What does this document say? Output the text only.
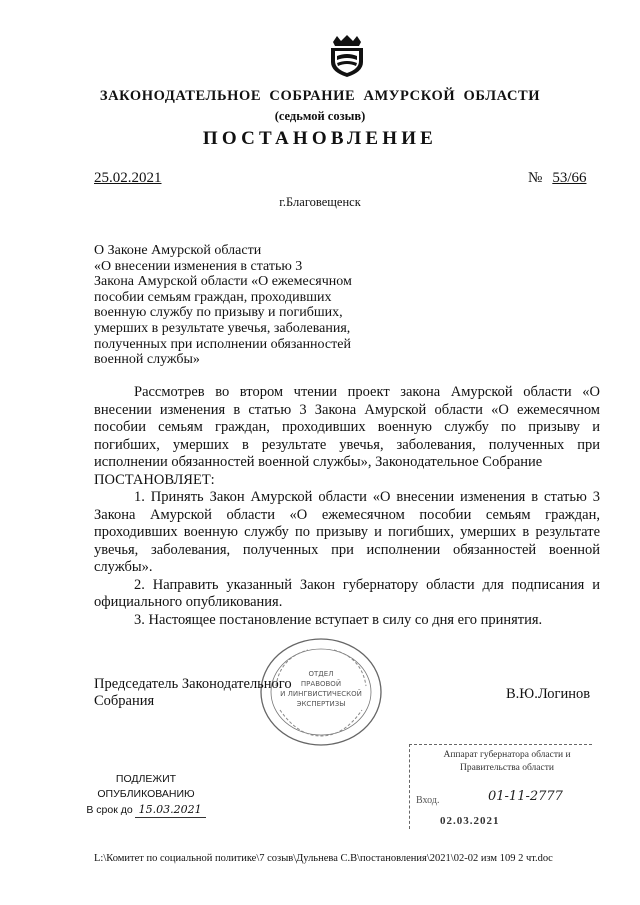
ЗАКОНОДАТЕЛЬНОЕ СОБРАНИЕ АМУРСКОЙ ОБЛАСТИ
(седьмой созыв)
ПОСТАНОВЛЕНИЕ
25.02.2021	№ 53/66
г.Благовещенск
О Законе Амурской области
«О внесении изменения в статью 3
Закона Амурской области «О ежемесячном
пособии семьям граждан, проходивших
военную службу по призыву и погибших,
умерших в результате увечья, заболевания,
полученных при исполнении обязанностей
военной службы»

Рассмотрев во втором чтении проект закона Амурской области «О внесении изменения в статью 3 Закона Амурской области «О ежемесячном пособии семьям граждан, проходивших военную службу по призыву и погибших, умерших в результате увечья, заболевания, полученных при исполнении обязанностей военной службы», Законодательное Собрание

ПОСТАНОВЛЯЕТ:

1. Принять Закон Амурской области «О внесении изменения в статью 3 Закона Амурской области «О ежемесячном пособии семьям граждан, проходивших военную службу по призыву и погибших, умерших в результате увечья, заболевания, полученных при исполнении обязанностей военной службы».

2. Направить указанный Закон губернатору области для подписания и официального опубликования.

3. Настоящее постановление вступает в силу со дня его принятия.

ОТДЕЛ
ПРАВОВОЙ
И ЛИНГВИСТИЧЕСКОЙ
ЭКСПЕРТИЗЫ
Председатель Законодательного
Собрания	В.Ю.Логинов
ПОДЛЕЖИТ
ОПУБЛИКОВАНИЮ
В срок до 15.03.2021
Аппарат губернатора области и
Правительства области
Вход.	01-11-2777
02.03.2021
L:\Комитет по социальной политике\7 созыв\Дульнева С.В\постановления\2021\02-02 изм 109 2 чт.doc
